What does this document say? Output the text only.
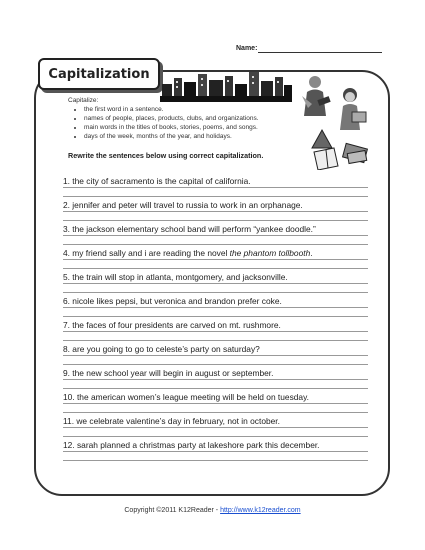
Name:
Capitalization
Capitalize:
• the first word in a sentence.
• names of people, places, products, clubs, and organizations.
• main words in the titles of books, stories, poems, and songs.
• days of the week, months of the year, and holidays.
Rewrite the sentences below using correct capitalization.
1. the city of sacramento is the capital of california.
2. jennifer and peter will travel to russia to work in an orphanage.
3. the jackson elementary school band will perform “yankee doodle.”
4. my friend sally and i are reading the novel the phantom tollbooth.
5. the train will stop in atlanta, montgomery, and jacksonville.
6. nicole likes pepsi, but veronica and brandon prefer coke.
7. the faces of four presidents are carved on mt. rushmore.
8. are you going to go to celeste’s party on saturday?
9. the new school year will begin in august or september.
10. the american women’s league meeting will be held on tuesday.
11. we celebrate valentine’s day in february, not in october.
12. sarah planned a christmas party at lakeshore park this december.
Copyright ©2011 K12Reader - http://www.k12reader.com
